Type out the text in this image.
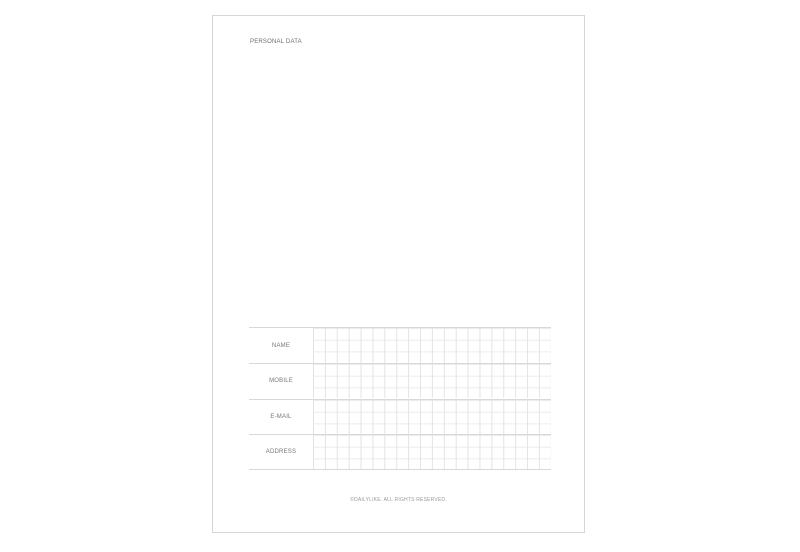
PERSONAL DATA
NAME
MOBILE
E-MAIL
ADDRESS
©DAILYLIKE. ALL RIGHTS RESERVED.
